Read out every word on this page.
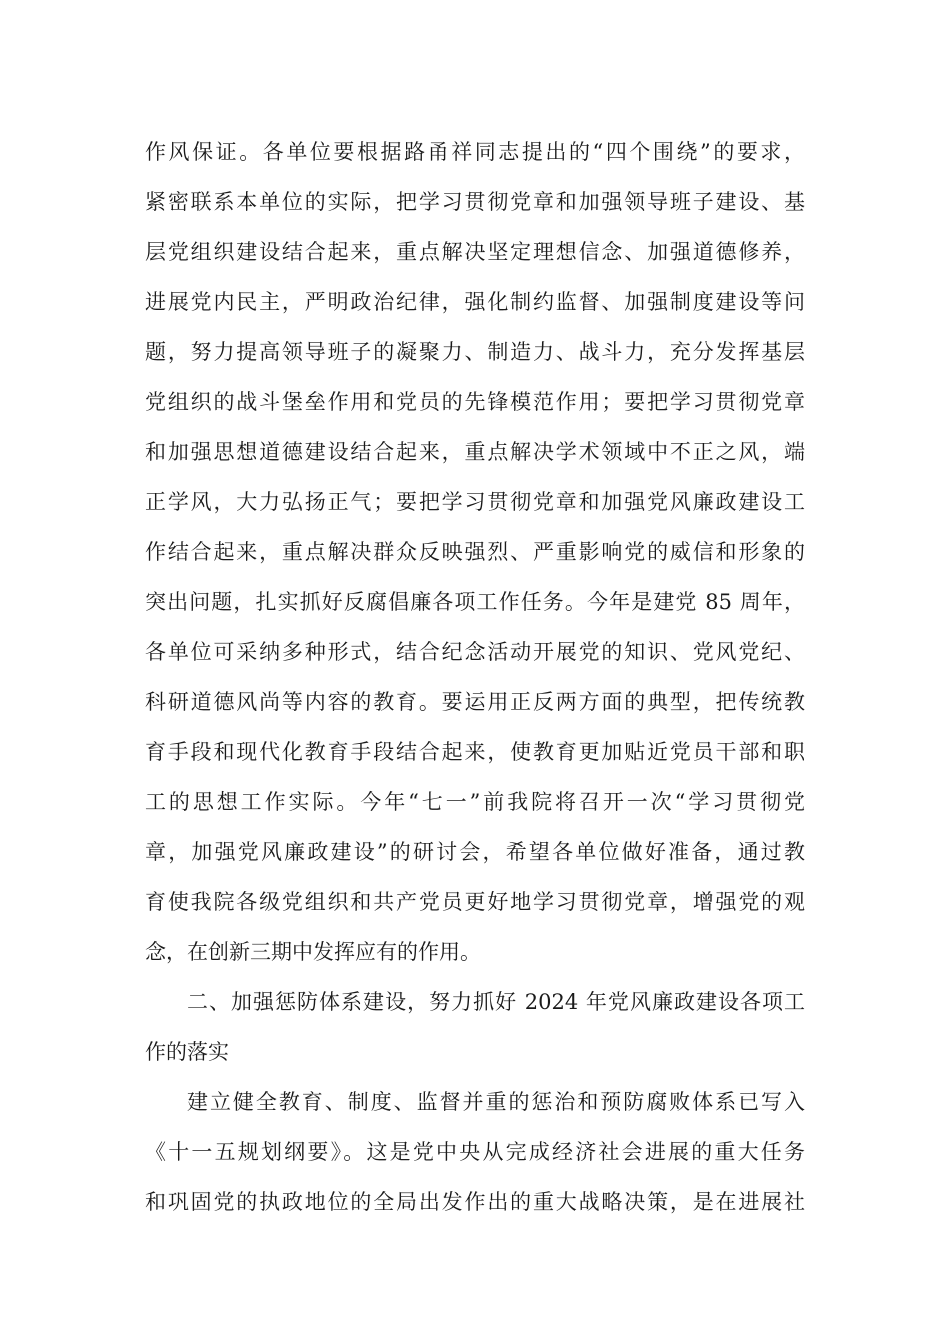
作风保证。各单位要根据路甬祥同志提出的“四个围绕”的要求，
紧密联系本单位的实际，把学习贯彻党章和加强领导班子建设、基
层党组织建设结合起来，重点解决坚定理想信念、加强道德修养，
进展党内民主，严明政治纪律，强化制约监督、加强制度建设等问
题，努力提高领导班子的凝聚力、制造力、战斗力，充分发挥基层
党组织的战斗堡垒作用和党员的先锋模范作用；要把学习贯彻党章
和加强思想道德建设结合起来，重点解决学术领域中不正之风，端
正学风，大力弘扬正气；要把学习贯彻党章和加强党风廉政建设工
作结合起来，重点解决群众反映强烈、严重影响党的威信和形象的
突出问题，扎实抓好反腐倡廉各项工作任务。今年是建党 85 周年，
各单位可采纳多种形式，结合纪念活动开展党的知识、党风党纪、
科研道德风尚等内容的教育。要运用正反两方面的典型，把传统教
育手段和现代化教育手段结合起来，使教育更加贴近党员干部和职
工的思想工作实际。今年“七一”前我院将召开一次“学习贯彻党
章，加强党风廉政建设”的研讨会，希望各单位做好准备，通过教
育使我院各级党组织和共产党员更好地学习贯彻党章，增强党的观
念，在创新三期中发挥应有的作用。
二、加强惩防体系建设，努力抓好 2024 年党风廉政建设各项工
作的落实
建立健全教育、制度、监督并重的惩治和预防腐败体系已写入
《十一五规划纲要》。这是党中央从完成经济社会进展的重大任务
和巩固党的执政地位的全局出发作出的重大战略决策，是在进展社
